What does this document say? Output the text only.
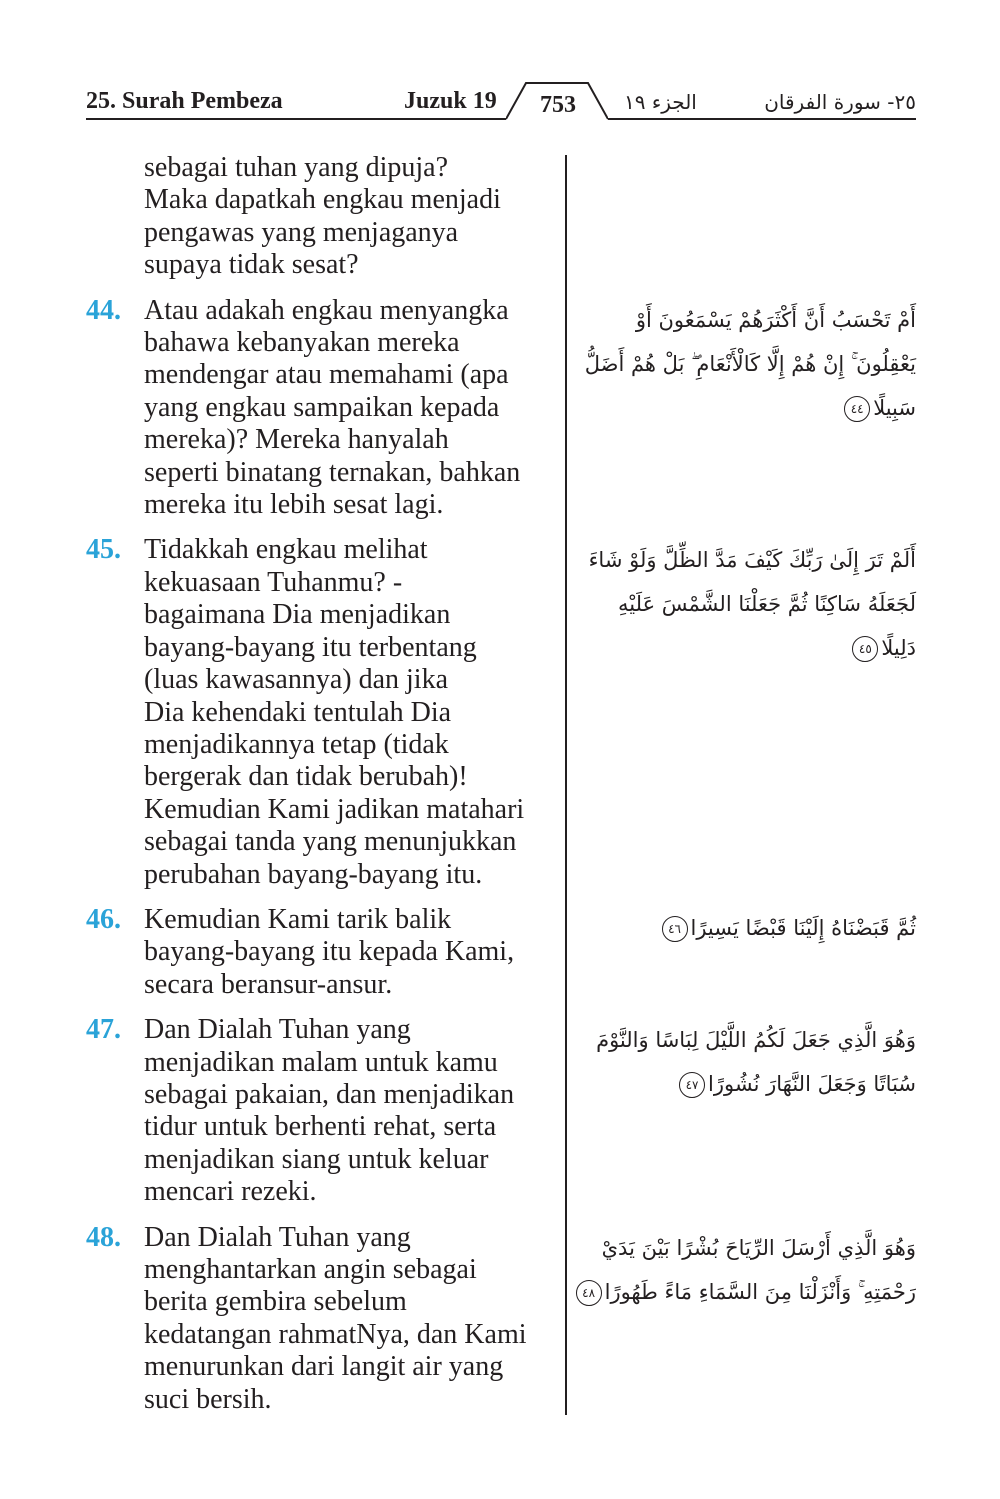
25. Surah Pembeza	Juzuk 19	753	الجزء ١٩	٢٥- سورة الفرقان
sebagai tuhan yang dipuja?
Maka dapatkah engkau menjadi
pengawas yang menjaganya
supaya tidak sesat?
44. Atau adakah engkau menyangka
bahawa kebanyakan mereka
mendengar atau memahami (apa
yang engkau sampaikan kepada
mereka)? Mereka hanyalah
seperti binatang ternakan, bahkan
mereka itu lebih sesat lagi.
45. Tidakkah engkau melihat
kekuasaan Tuhanmu? -
bagaimana Dia menjadikan
bayang-bayang itu terbentang
(luas kawasannya) dan jika
Dia kehendaki tentulah Dia
menjadikannya tetap (tidak
bergerak dan tidak berubah)!
Kemudian Kami jadikan matahari
sebagai tanda yang menunjukkan
perubahan bayang-bayang itu.
46. Kemudian Kami tarik balik
bayang-bayang itu kepada Kami,
secara beransur-ansur.
47. Dan Dialah Tuhan yang
menjadikan malam untuk kamu
sebagai pakaian, dan menjadikan
tidur untuk berhenti rehat, serta
menjadikan siang untuk keluar
mencari rezeki.
48. Dan Dialah Tuhan yang
menghantarkan angin sebagai
berita gembira sebelum
kedatangan rahmatNya, dan Kami
menurunkan dari langit air yang
suci bersih.
أَمْ تَحْسَبُ أَنَّ أَكْثَرَهُمْ يَسْمَعُونَ أَوْ
يَعْقِلُونَ ۚ إِنْ هُمْ إِلَّا كَالْأَنْعَامِ ۖ بَلْ هُمْ أَضَلُّ
سَبِيلًا٤٤
أَلَمْ تَرَ إِلَىٰ رَبِّكَ كَيْفَ مَدَّ الظِّلَّ وَلَوْ شَاءَ
لَجَعَلَهُ سَاكِنًا ثُمَّ جَعَلْنَا الشَّمْسَ عَلَيْهِ
دَلِيلًا٤٥
ثُمَّ قَبَضْنَاهُ إِلَيْنَا قَبْضًا يَسِيرًا٤٦
وَهُوَ الَّذِي جَعَلَ لَكُمُ اللَّيْلَ لِبَاسًا وَالنَّوْمَ
سُبَاتًا وَجَعَلَ النَّهَارَ نُشُورًا٤٧
وَهُوَ الَّذِي أَرْسَلَ الرِّيَاحَ بُشْرًا بَيْنَ يَدَيْ
رَحْمَتِهِ ۚ وَأَنْزَلْنَا مِنَ السَّمَاءِ مَاءً طَهُورًا٤٨
